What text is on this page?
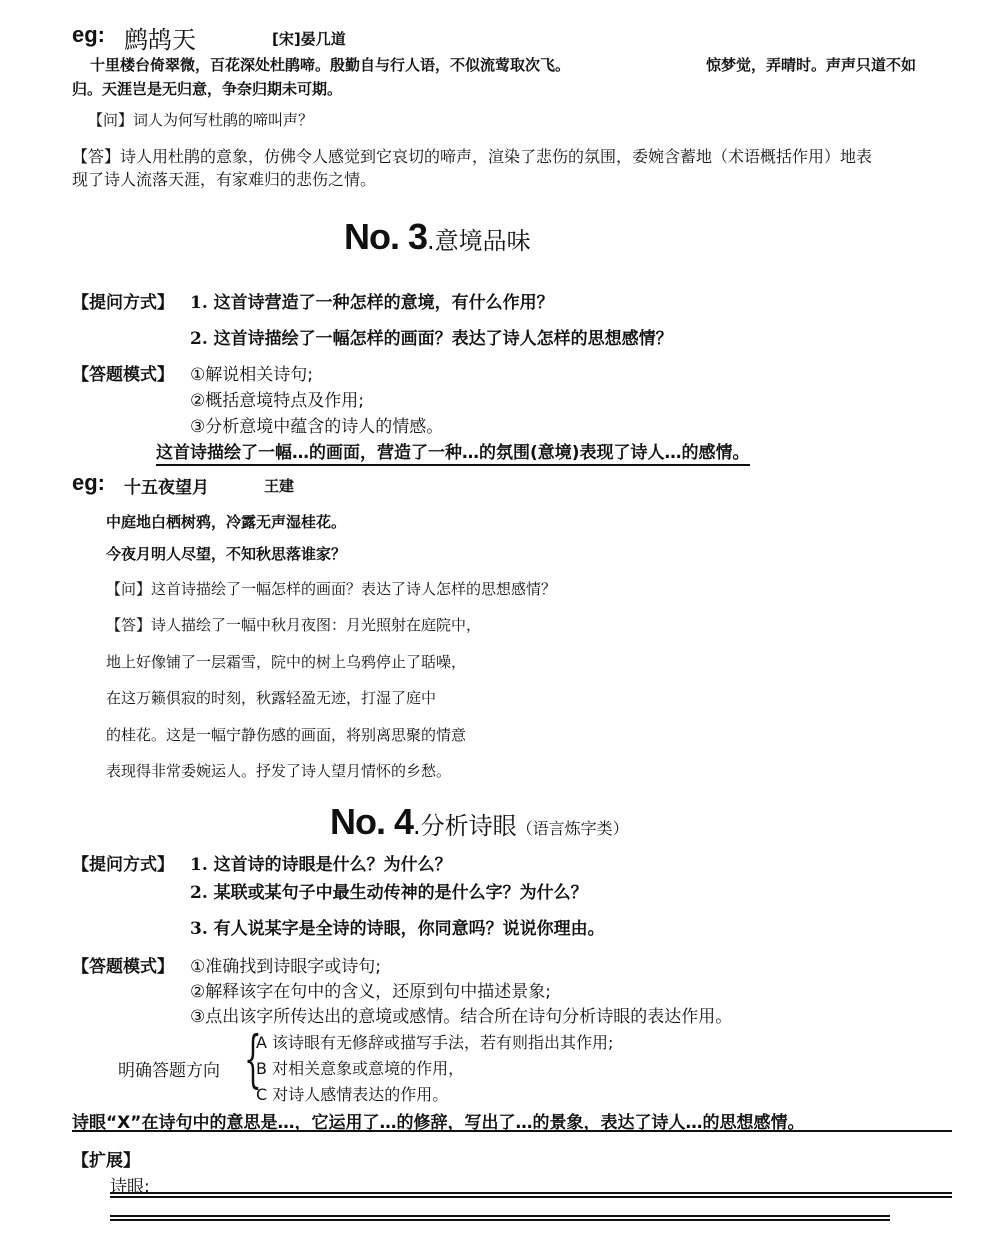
eg: 鹧鸪天	[宋]晏几道
十里楼台倚翠微，百花深处杜鹃啼。殷勤自与行人语，不似流莺取次飞。	惊梦觉，弄晴时。声声只道不如
归。天涯岂是无归意，争奈归期未可期。
【问】词人为何写杜鹃的啼叫声？
【答】诗人用杜鹃的意象，仿佛令人感觉到它哀切的啼声，渲染了悲伤的氛围，委婉含蓄地（术语概括作用）地表
现了诗人流落天涯，有家难归的悲伤之情。
No. 3.意境品味
【提问方式】 1. 这首诗营造了一种怎样的意境，有什么作用？
2. 这首诗描绘了一幅怎样的画面？表达了诗人怎样的思想感情？
【答题模式】 ①解说相关诗句;
②概括意境特点及作用;
③分析意境中蕴含的诗人的情感。
这首诗描绘了一幅…的画面，营造了一种…的氛围(意境)表现了诗人…的感情。
eg: 十五夜望月	王建
中庭地白栖树鸦，冷露无声湿桂花。
今夜月明人尽望，不知秋思落谁家？
【问】这首诗描绘了一幅怎样的画面？表达了诗人怎样的思想感情？
【答】诗人描绘了一幅中秋月夜图：月光照射在庭院中，
地上好像铺了一层霜雪，院中的树上乌鸦停止了聒噪，
在这万籁俱寂的时刻，秋露轻盈无迹，打湿了庭中
的桂花。这是一幅宁静伤感的画面，将别离思聚的情意
表现得非常委婉运人。抒发了诗人望月情怀的乡愁。
No. 4.分析诗眼（语言炼字类）
【提问方式】 1. 这首诗的诗眼是什么？为什么？
2. 某联或某句子中最生动传神的是什么字？为什么？
3. 有人说某字是全诗的诗眼，你同意吗？说说你理由。
【答题模式】 ①准确找到诗眼字或诗句;
②解释该字在句中的含义，还原到句中描述景象;
③点出该字所传达出的意境或感情。结合所在诗句分析诗眼的表达作用。
明确答题方向 {
A 该诗眼有无修辞或描写手法，若有则指出其作用;
B 对相关意象或意境的作用，
C 对诗人感情表达的作用。
诗眼“X”在诗句中的意思是…，它运用了…的修辞，写出了…的景象，表达了诗人…的思想感情。
【扩展】
诗眼:
